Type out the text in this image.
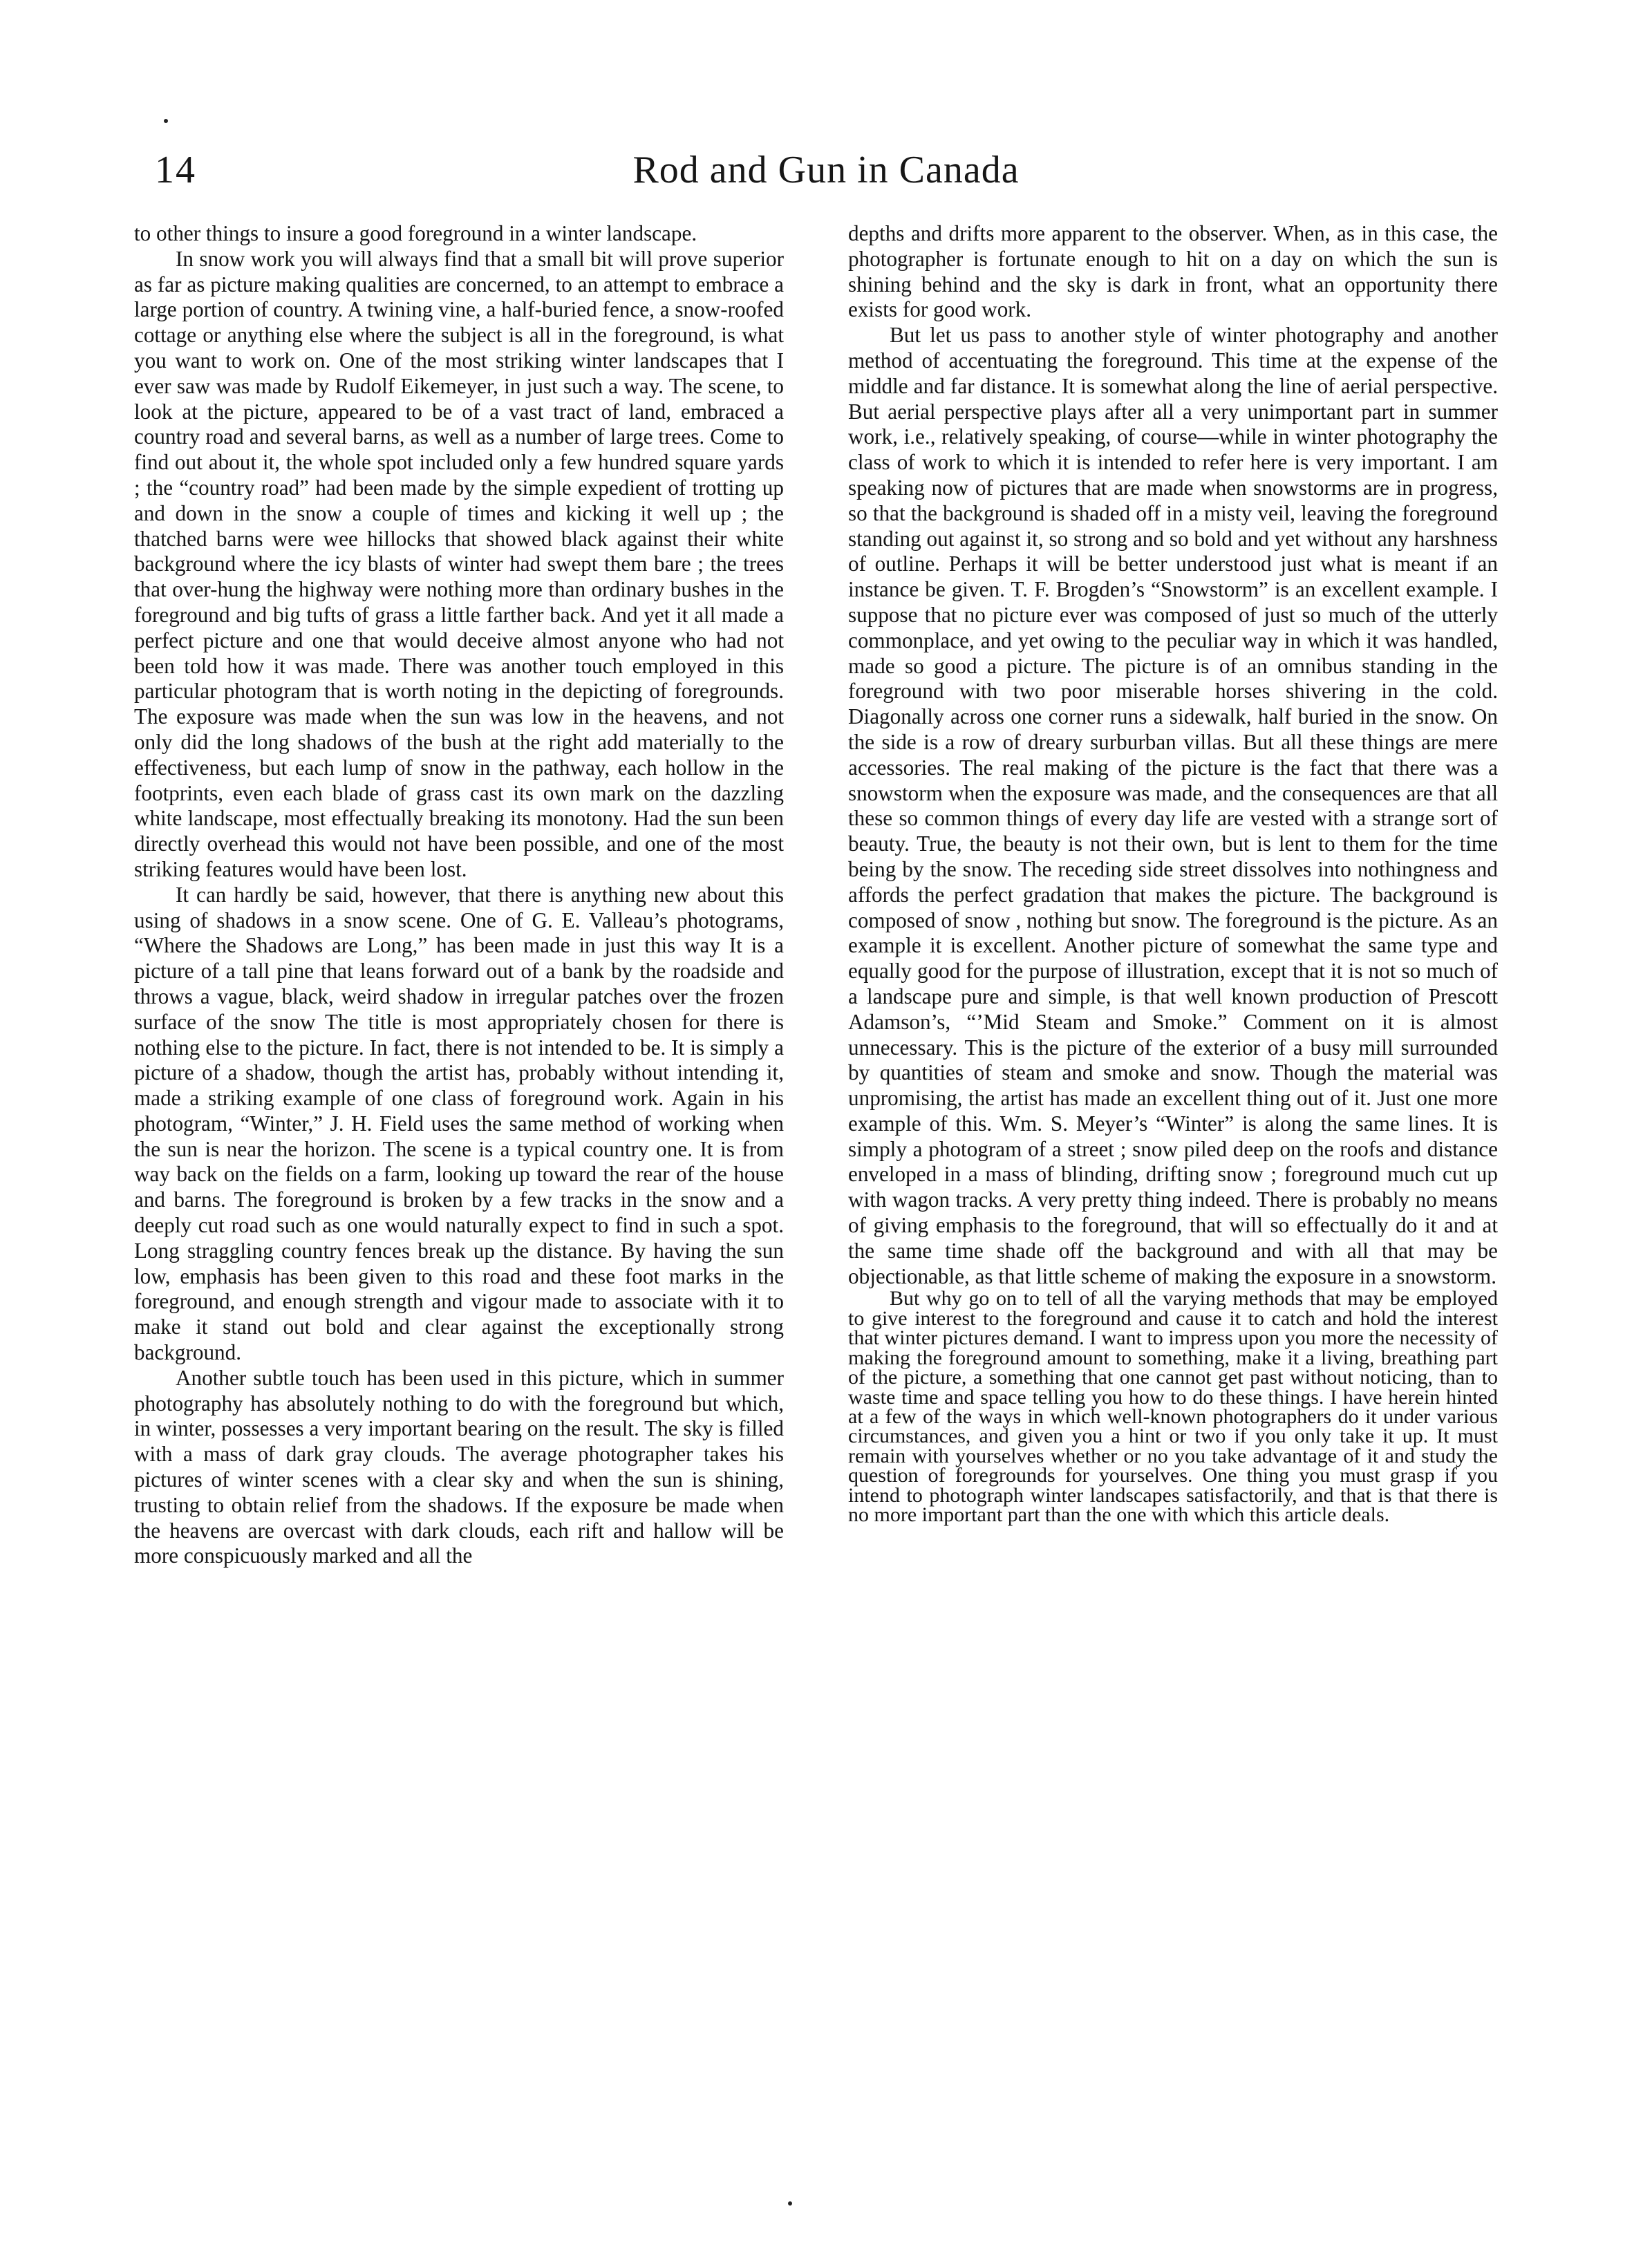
14	Rod and Gun in Canada

to other things to insure a good foreground in a winter landscape.

In snow work you will always find that a small bit will prove superior as far as picture making qualities are concerned, to an attempt to embrace a large portion of country. A twining vine, a half-buried fence, a snow-roofed cottage or anything else where the subject is all in the foreground, is what you want to work on. One of the most striking winter landscapes that I ever saw was made by Rudolf Eikemeyer, in just such a way. The scene, to look at the picture, appeared to be of a vast tract of land, embraced a country road and several barns, as well as a number of large trees. Come to find out about it, the whole spot included only a few hundred square yards ; the “country road” had been made by the simple expedient of trotting up and down in the snow a couple of times and kicking it well up ; the thatched barns were wee hillocks that showed black against their white background where the icy blasts of winter had swept them bare ; the trees that over-hung the highway were nothing more than ordinary bushes in the foreground and big tufts of grass a little farther back. And yet it all made a perfect picture and one that would deceive almost anyone who had not been told how it was made. There was another touch employed in this particular photogram that is worth noting in the depicting of foregrounds. The exposure was made when the sun was low in the heavens, and not only did the long shadows of the bush at the right add materially to the effectiveness, but each lump of snow in the pathway, each hollow in the footprints, even each blade of grass cast its own mark on the dazzling white landscape, most effectually breaking its monotony. Had the sun been directly overhead this would not have been possible, and one of the most striking features would have been lost.

It can hardly be said, however, that there is anything new about this using of shadows in a snow scene. One of G. E. Valleau’s photograms, “Where the Shadows are Long,” has been made in just this way It is a picture of a tall pine that leans forward out of a bank by the roadside and throws a vague, black, weird shadow in irregular patches over the frozen surface of the snow The title is most appropriately chosen for there is nothing else to the picture. In fact, there is not intended to be. It is simply a picture of a shadow, though the artist has, probably without intending it, made a striking example of one class of foreground work. Again in his photogram, “Winter,” J. H. Field uses the same method of working when the sun is near the horizon. The scene is a typical country one. It is from way back on the fields on a farm, looking up toward the rear of the house and barns. The foreground is broken by a few tracks in the snow and a deeply cut road such as one would naturally expect to find in such a spot. Long straggling country fences break up the distance. By having the sun low, emphasis has been given to this road and these foot marks in the foreground, and enough strength and vigour made to associate with it to make it stand out bold and clear against the exceptionally strong background.

Another subtle touch has been used in this picture, which in summer photography has absolutely nothing to do with the foreground but which, in winter, possesses a very important bearing on the result. The sky is filled with a mass of dark gray clouds. The average photographer takes his pictures of winter scenes with a clear sky and when the sun is shining, trusting to obtain relief from the shadows. If the exposure be made when the heavens are overcast with dark clouds, each rift and hallow will be more conspicuously marked and all the

depths and drifts more apparent to the observer. When, as in this case, the photographer is fortunate enough to hit on a day on which the sun is shining behind and the sky is dark in front, what an opportunity there exists for good work.

But let us pass to another style of winter photography and another method of accentuating the foreground. This time at the expense of the middle and far distance. It is somewhat along the line of aerial perspective. But aerial perspective plays after all a very unimportant part in summer work, i.e., relatively speaking, of course—while in winter photography the class of work to which it is intended to refer here is very important. I am speaking now of pictures that are made when snowstorms are in progress, so that the background is shaded off in a misty veil, leaving the foreground standing out against it, so strong and so bold and yet without any harshness of outline. Perhaps it will be better understood just what is meant if an instance be given. T. F. Brogden’s “Snowstorm” is an excellent example. I suppose that no picture ever was composed of just so much of the utterly commonplace, and yet owing to the peculiar way in which it was handled, made so good a picture. The picture is of an omnibus standing in the foreground with two poor miserable horses shivering in the cold. Diagonally across one corner runs a sidewalk, half buried in the snow. On the side is a row of dreary surburban villas. But all these things are mere accessories. The real making of the picture is the fact that there was a snowstorm when the exposure was made, and the consequences are that all these so common things of every day life are vested with a strange sort of beauty. True, the beauty is not their own, but is lent to them for the time being by the snow. The receding side street dissolves into nothingness and affords the perfect gradation that makes the picture. The background is composed of snow , nothing but snow. The foreground is the picture. As an example it is excellent. Another picture of somewhat the same type and equally good for the purpose of illustration, except that it is not so much of a landscape pure and simple, is that well known production of Prescott Adamson’s, “’Mid Steam and Smoke.” Comment on it is almost unnecessary. This is the picture of the exterior of a busy mill surrounded by quantities of steam and smoke and snow. Though the material was unpromising, the artist has made an excellent thing out of it. Just one more example of this. Wm. S. Meyer’s “Winter” is along the same lines. It is simply a photogram of a street ; snow piled deep on the roofs and distance enveloped in a mass of blinding, drifting snow ; foreground much cut up with wagon tracks. A very pretty thing indeed. There is probably no means of giving emphasis to the foreground, that will so effectually do it and at the same time shade off the background and with all that may be objectionable, as that little scheme of making the exposure in a snowstorm.

But why go on to tell of all the varying methods that may be employed to give interest to the foreground and cause it to catch and hold the interest that winter pictures demand. I want to impress upon you more the necessity of making the foreground amount to something, make it a living, breathing part of the picture, a something that one cannot get past without noticing, than to waste time and space telling you how to do these things. I have herein hinted at a few of the ways in which well-known photographers do it under various circumstances, and given you a hint or two if you only take it up. It must remain with yourselves whether or no you take advantage of it and study the question of foregrounds for yourselves. One thing you must grasp if you intend to photograph winter landscapes satisfactorily, and that is that there is no more important part than the one with which this article deals.
